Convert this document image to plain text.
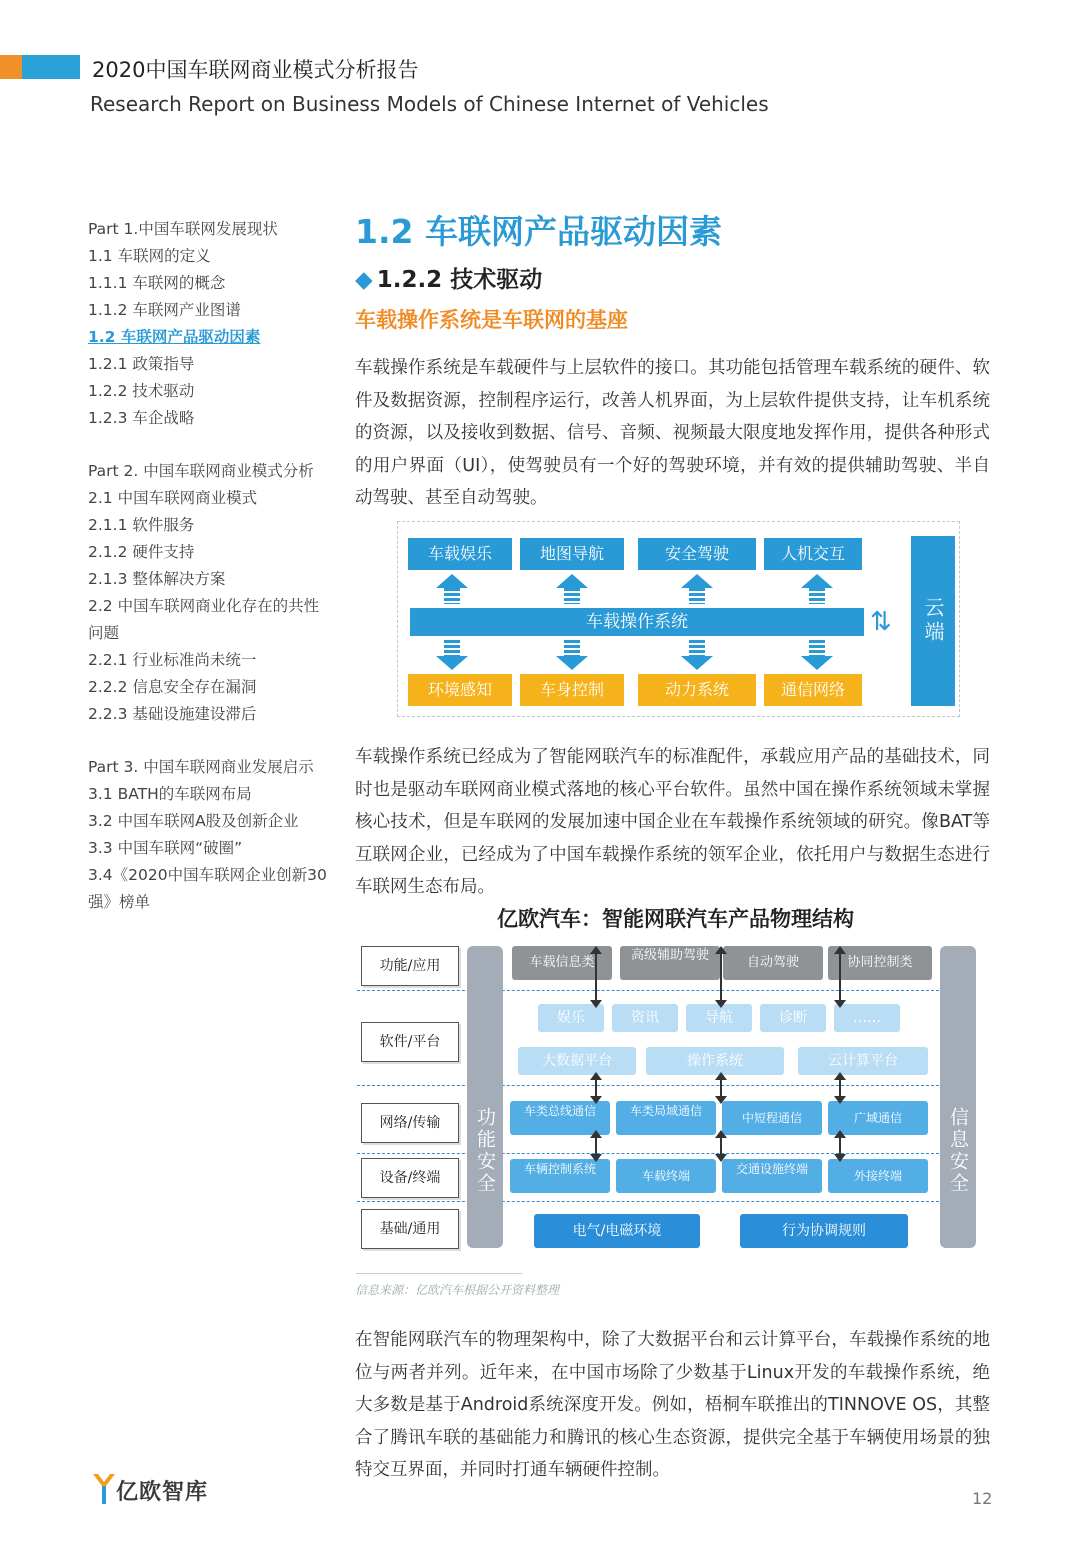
2020中国车联网商业模式分析报告
Research Report on Business Models of Chinese Internet of Vehicles
Part 1.中国车联网发展现状
1.1 车联网的定义
1.1.1 车联网的概念
1.1.2 车联网产业图谱
1.2 车联网产品驱动因素
1.2.1 政策指导
1.2.2 技术驱动
1.2.3 车企战略
Part 2. 中国车联网商业模式分析
2.1 中国车联网商业模式
2.1.1 软件服务
2.1.2 硬件支持
2.1.3 整体解决方案
2.2 中国车联网商业化存在的共性问题
2.2.1 行业标准尚未统一
2.2.2 信息安全存在漏洞
2.2.3 基础设施建设滞后
Part 3. 中国车联网商业发展启示
3.1 BATH的车联网布局
3.2 中国车联网A股及创新企业
3.3 中国车联网“破圈”
3.4《2020中国车联网企业创新30强》榜单
1.2 车联网产品驱动因素
◆ 1.2.2 技术驱动
车载操作系统是车联网的基座
车载操作系统是车载硬件与上层软件的接口。其功能包括管理车载系统的硬件、软件及数据资源，控制程序运行，改善人机界面，为上层软件提供支持，让车机系统的资源，以及接收到数据、信号、音频、视频最大限度地发挥作用，提供各种形式的用户界面（UI），使驾驶员有一个好的驾驶环境，并有效的提供辅助驾驶、半自动驾驶、甚至自动驾驶。
车载娱乐	地图导航	安全驾驶	人机交互
车载操作系统	⇅	云端
环境感知	车身控制	动力系统	通信网络
车载操作系统已经成为了智能网联汽车的标准配件，承载应用产品的基础技术，同时也是驱动车联网商业模式落地的核心平台软件。虽然中国在操作系统领域未掌握核心技术，但是车联网的发展加速中国企业在车载操作系统领域的研究。像BAT等互联网企业，已经成为了中国车载操作系统的领军企业，依托用户与数据生态进行车联网生态布局。
亿欧汽车：智能网联汽车产品物理结构
功能/应用
软件/平台
网络/传输
设备/终端
基础/通用
功能安全	信息安全
车载信息类	高级辅助驾驶	自动驾驶	协同控制类
娱乐	资讯	导航	诊断	……
大数据平台	操作系统	云计算平台
车类总线通信	车类局域通信	中短程通信	广域通信
车辆控制系统	车载终端	交通设施终端	外接终端
电气/电磁环境	行为协调规则
信息来源：亿欧汽车根据公开资料整理
在智能网联汽车的物理架构中，除了大数据平台和云计算平台，车载操作系统的地位与两者并列。近年来，在中国市场除了少数基于Linux开发的车载操作系统，绝大多数是基于Android系统深度开发。例如，梧桐车联推出的TINNOVE OS，其整合了腾讯车联的基础能力和腾讯的核心生态资源，提供完全基于车辆使用场景的独特交互界面，并同时打通车辆硬件控制。
亿欧智库	12
